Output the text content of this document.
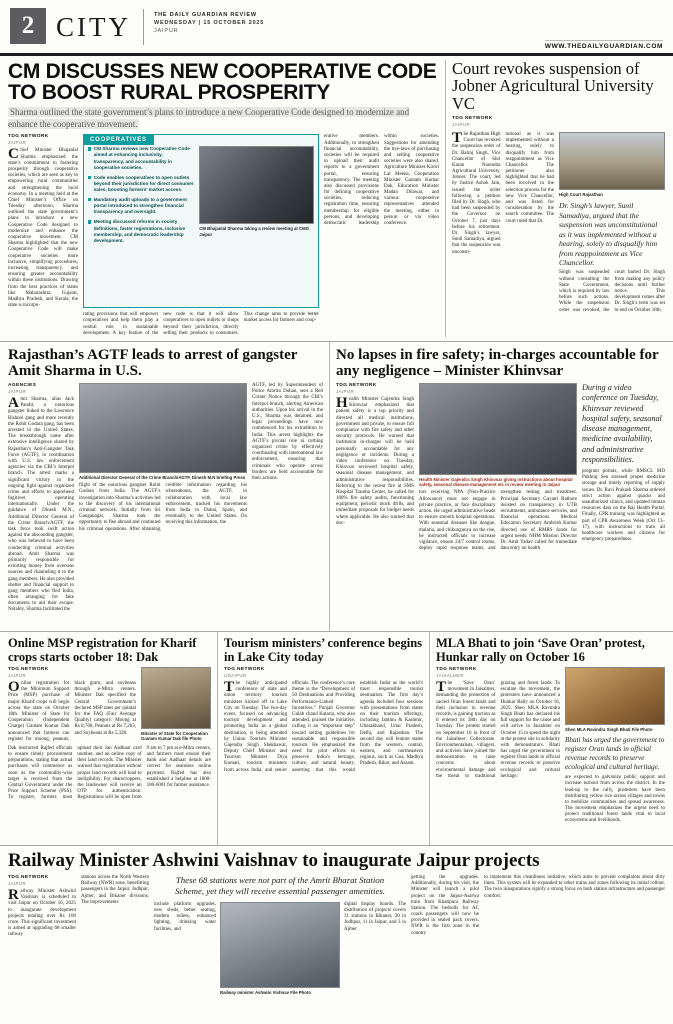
2 CITY	THE DAILY GUARDIAN REVIEW
WEDNESDAY | 15 OCTOBER 2025
JAIPUR
WWW.THEDAILYGUARDIAN.COM
CM DISCUSSES NEW COOPERATIVE CODE TO BOOST RURAL PROSPERITY
Sharma outlined the state government’s plans to introduce a new Cooperative Code designed to modernize and enhance the cooperative movement.
TDG NETWORK
JAIPUR
Chief Minister Bhajanlal Sharma emphasized the state’s commitment to fostering prosperity through cooperative societies, which are seen as key to empowering rural communities and strengthening the local economy. In a meeting held at the Chief Minister’s Office on Tuesday afternoon, Sharma outlined the state government’s plans to introduce a new Cooperative Code designed to modernize and enhance the cooperative movement. CM Sharma highlighted that the new Cooperative Code will make cooperative societies more inclusive, simplifying procedures, increasing transparency, and ensuring greater accountability within these institutions. Drawing from the best practices of states like Maharashtra, Gujarat, Madhya Pradesh, and Kerala, the state is incorpo-
COOPERATIVES
CM Sharma reviews new Cooperative Code aimed at enhancing inclusivity, transparency, and accountability in cooperative societies.
Code enables cooperatives to open outlets beyond their jurisdiction for direct consumer sales, boosting farmers’ market access.
Mandatory audit uploads to a government portal introduced to strengthen financial transparency and oversight.
Meeting discussed reforms in society definitions, faster registrations, inclusive membership, and democratic leadership development.
CM Bhajanlal Sharma taking a review meeting at CMO Jaipur
rating provisions that will empower cooperatives and help them play a central role in sustainable development. A key feature of the new code is that it will allow cooperatives to open outlets or shops beyond their jurisdiction, directly selling their products to consumers. This change aims to provide better market access for farmers and coop-
erative members. Additionally, to strengthen financial accountability, societies will be required to upload their audit reports to a government portal, ensuring transparency. The meeting also discussed provisions for defining cooperative societies, reducing registration time, ensuring membership for eligible persons, and developing democratic leadership within societies. Suggestions for amending the bye-laws of purchasing and selling cooperative societies were also shared. Agriculture Minister Kirori Lal Meena, Cooperation Minister Gautam Kumar Dak, Education Minister Madan Dilawar, and various cooperative representatives attended the meeting, either in person or via video conference.
Court revokes suspension of Jobner Agricultural University VC
TDG NETWORK
JAIPUR
The Rajasthan High Court has revoked the suspension order of Dr. Balraj Singh, Vice Chancellor of Shri Karan Narendra Agricultural University, Jobner. The court, led by Justice Ashok Jain, issued the order following a petition filed by Dr. Singh, who had been suspended by the Governor on October 7, just days before his retirement. Dr. Singh’s lawyer, Sunil Samadiya, argued that the suspension was unconsti-
tutional as it was implemented without a hearing, solely to disqualify him from reappointment as Vice Chancellor. The petitioner also highlighted that he had been involved in the selection process for the new Vice Chancellor, and was listed for consideration by the search committee. The court ruled that Dr.
High Court Rajasthan
Dr. Singh’s lawyer, Sunil Samadiya, argued that the suspension was unconstitutional as it was implemented without a hearing, solely to disqualify him from reappointment as Vice Chancellor.
Singh was suspended without consulting the State Government, which is required by law before such actions. While the suspension order was revoked, the court barred Dr. Singh from making any policy decisions until further notice. This development comes after Dr. Singh’s term was set to end on October 18th.
Rajasthan’s AGTF leads to arrest of gangster Amit Sharma in U.S.
AGENCIES
JAIPUR
Amit Sharma, alias Jack Pandit, a notorious gangster linked to the Lawrence Bishnoi gang and more recently the Rohit Godara gang, has been arrested in the United States. The breakthrough came after extensive intelligence shared by Rajasthan’s Anti-Gangster Task Force (AGTF), in coordination with U.S. law enforcement agencies via the CBI’s Interpol branch. The arrest marks a significant victory in the ongoing fight against organized crime and efforts to apprehend fugitives operating internationally. Under the guidance of Dinesh M.N., Additional Director General of the Crime Branch/AGTF, the task force took swift action against the absconding gangster, who was believed to have been conducting criminal activities abroad. Amit Sharma was primarily responsible for extorting money from overseas sources and channeling it to the gang members. He also provided shelter and financial support to gang members who fled India, often arranging for fake documents to aid their escape. Notably, Sharma facilitated the
Additional Director General of the Crime Branch/AGTF, Dinesh M.N briefing Press
flight of the notorious gangster Rohit Godara from India. The AGTF’s investigation into Sharma’s activities led to the discovery of his international criminal network. Initially from Sri Ganganagar, Sharma took the opportunity to flee abroad and continued his criminal operations. After obtaining credible information regarding his whereabouts, the AGTF, in collaboration with local law enforcement, tracked his movements from India to Dubai, Spain, and eventually to the United States. On receiving this information, the
AGTF, led by Superintendent of Police Amrita Duhan, sent a Red Corner Notice through the CBI’s Interpol branch, alerting American authorities. Upon his arrival in the U.S., Sharma was detained, and legal proceedings have now commenced for his extradition to India. This arrest highlights the AGTF’s pivotal role in curbing organized crime by effectively coordinating with international law enforcement, ensuring that criminals who operate across borders are held accountable for their actions.
No lapses in fire safety; in-charges accountable for any negligence – Minister Khinvsar
TDG NETWORK
JAIPUR
Health Minister Gajendra Singh Khinvsar emphasized that patient safety is a top priority and directed all medical institutions, government and private, to ensure full compliance with fire safety and other security protocols. He warned that institution in-charges will be held personally accountable for any negligence or incidents. During a video conference on Tuesday, Khinvsar reviewed hospital safety, seasonal disease management, and administrative responsibilities. Referring to the recent fire at SMS Hospital Trauma Center, he called for 100% fire safety audits, functioning equipment, periodic mock drills, and immediate proposals for budget needs where applicable. He also warned that doc-
Health Minister Gajendra Singh Khinvsar giving instructions about hospital safety, seasonal disease management etc in review meeting in Jaipur
tors receiving NPA (Non-Practice Allowance) must not engage in private practice, or face disciplinary action. He urged administrative heads to ensure smooth hospital operations. With seasonal diseases like dengue, malaria, and chikungunya on the rise, he instructed officials to increase vigilance, ensure 24/7 control rooms, deploy rapid response teams, and strengthen testing and treatment. Principal Secretary Gayatri Rathore insisted on transparency in UTB recruitments, ambulance services, and financial operations. Medical Education Secretary Ambrish Kumar directed use of RMRS funds for urgent needs. NHM Mission Director Dr. Amit Yadav called for immediate data entry on health
During a video conference on Tuesday, Khinvsar reviewed hospital safety, seasonal disease management, medicine availability, and administrative responsibilities.
program portals, while RMSCL MD Pukhraj Sen stressed proper medicine storage and timely reporting of supply issues. Dr. Ravi Prakash Sharma ordered strict action against quacks and unauthorized clinics, and updated human resources data on the Raj Health Portal. Finally, CPR training was highlighted as part of CPR Awareness Week (Oct 13–17), with instructions to train all healthcare workers and citizens for emergency preparedness.
Online MSP registration for Kharif crops starts october 18: Dak
TDG NETWORK
JAIPUR
Online registration for the Minimum Support Price (MSP) purchase of major Kharif crops will begin across the state on October 18th. Minister of State for Cooperation (Independent Charge) Gautam Kumar Dak announced that farmers can register for moong, peanuts, black gram, and soybeans through e-Mitra centers. Minister Dak specified the Central Government’s declared MSP rates per quintal for the FAQ (Fair Average Quality) category: Moong at Rs 8,768, Peanuts at Rs 7,263, and Soybeans at Rs 5,328.	Minister of State for Cooperation Gautam Kumar Dak file Photo
Dak instructed Rajfed officials to ensure timely procurement preparations, stating that actual purchases will commence as soon as the commodity-wise target is received from the Central Government under the Price Support Scheme (PSS). To register, farmers must upload their Jan Aadhaar card number, and an online copy of their land records. The Minister warned that registration without proper land records will lead to ineligibility. For sharecroppers, the landowner will receive an OTP for authentication. Registrations will be open from 9 am to 7 pm at e-Mitra centers, and farmers must ensure their bank and Aadhaar details are correct for seamless online payment. Rajfed has also established a helpline at 1800-180-6001 for farmer assistance.
Tourism ministers’ conference begins in Lake City today
TDG NETWORK
UDAIPUR
The highly anticipated conference of state and union territory tourism ministers kicked off in Lake City on Tuesday. The two-day event, focused on advancing tourism development and promoting India as a global destination, is being attended by Union Tourism Minister Gajendra Singh Shekhawat, Deputy Chief Minister and Tourism Minister Diya Kumari, tourism ministers from across India, and senior officials. The conference’s core theme is the “Development of 50 Destinations and Providing Performance-Linked Incentives.” Punjab Governor Gulab chand Kataria, who also attended, praised the initiative, calling it an “important step” toward setting guidelines for sustainable and responsible tourism. He emphasized the need for joint efforts to preserve India’s heritage, culture, and natural beauty, asserting that this would establish India as the world’s most responsible tourist destination. The first day’s agenda included four sessions with presentations from states on their tourism offerings, including Jammu & Kashmir, Uttarakhand, Uttar Pradesh, Delhi, and Rajasthan. The second day will feature states from the western, central, eastern, and northeastern regions, such as Goa, Madhya Pradesh, Bihar, and Assam.
MLA Bhati to join ‘Save Oran’ protest, Hunkar rally on October 16
TDG NETWORK
JAISALMER
The ‘Save Oran’ movement in Jaisalmer, demanding the protection of sacred Oran forest lands and their inclusion in revenue records, is gaining traction as it entered its 38th day on Tuesday. The protest started on September 16 in front of the Jaisalmer Collectorate. Environmentalists, villagers, and activists have joined the demonstration to raise concerns about environmental damage and the threat to traditional grazing and forest lands. To escalate the movement, the protesters have announced a Hunkar Rally on October 16, 2025. Sheo MLA Ravindra Singh Bhati has declared his full support for the cause and will arrive in Jaisalmer on October 15 to spend the night at the protest site in solidarity with demonstrators. Bhati has urged the government to register Oran lands in official revenue records to preserve ecological and cultural heritage.
Sheo MLA Ravindra Singh Bhati File Photo
Bhati has urged the government to register Oran lands in official revenue records to preserve ecological and cultural heritage.
are expected to galvanize public support and increase turnout from across the district. In the lead-up to the rally, protesters have been distributing yellow rice across villages and towns to mobilize communities and spread awareness. The movement emphasizes the urgent need to protect traditional forest lands vital to local ecosystems and livelihoods.
Railway Minister Ashwini Vaishnav to inaugurate Jaipur projects
TDG NETWORK
JAIPUR
Railway Minister Ashwini Vaishnav is scheduled to visit Jaipur on October 16, 2025 to inaugurate development projects totaling over Rs 100 crore. This significant investment is aimed at upgrading 68 smaller railway
stations across the North Western Railway (NWR) zone, benefitting passengers in the Jaipur, Jodhpur, Ajmer, and Bikaner divisions. The improvements
These 68 stations were not part of the Amrit Bharat Station Scheme, yet they will receive essential passenger amenities.
include platform upgrades, new sheds, better seating, modern toilets, enhanced lighting, drinking water facilities, and
Railway minister Ashwini Vishnav File Photo
digital display boards. The distribution of projects covers 31 stations in Bikaner, 20 in Jodhpur, 11 in Jaipur, and 3 in Ajmer
getting the upgrades. Additionally, during his visit, the Minister will launch a pilot project on the Jaipur-Asarwa train from Khatipura Railway Station. The bedrolls for AC coach passengers will now be provided in sealed pack covers. NWR is the first zone in the country
to implement this cleanliness initiative, which aims to prevent complaints about dirty linen. This system will be expanded to other trains and zones following its initial rollout. The twin inaugurations signify a strong focus on both station infrastructure and passenger comfort.
